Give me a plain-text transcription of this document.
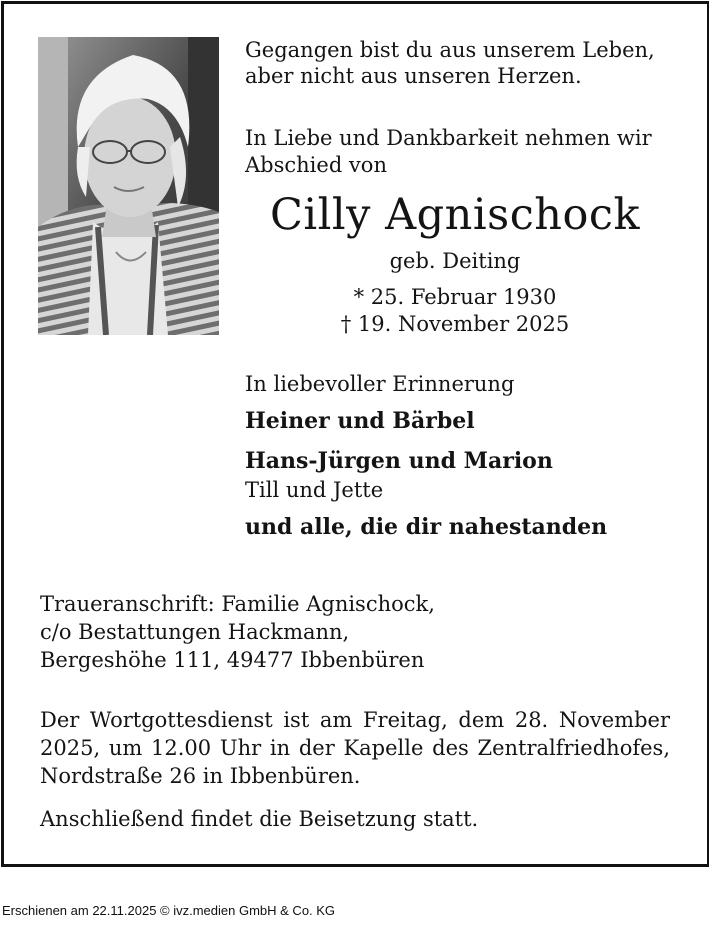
Gegangen bist du aus unserem Leben,

aber nicht aus unseren Herzen.

In Liebe und Dankbarkeit nehmen wir

Abschied von

Cilly Agnischock

geb. Deiting

* 25. Februar 1930

† 19. November 2025

In liebevoller Erinnerung

Heiner und Bärbel

Hans-Jürgen und Marion

Till und Jette

und alle, die dir nahestanden

Traueranschrift: Familie Agnischock,

c/o Bestattungen Hackmann,

Bergeshöhe 111, 49477 Ibbenbüren

Der Wortgottesdienst ist am Freitag, dem 28. November

2025, um 12.00 Uhr in der Kapelle des Zentralfriedhofes,

Nordstraße 26 in Ibbenbüren.

Anschließend findet die Beisetzung statt.

Erschienen am 22.11.2025 © ivz.medien GmbH & Co. KG
